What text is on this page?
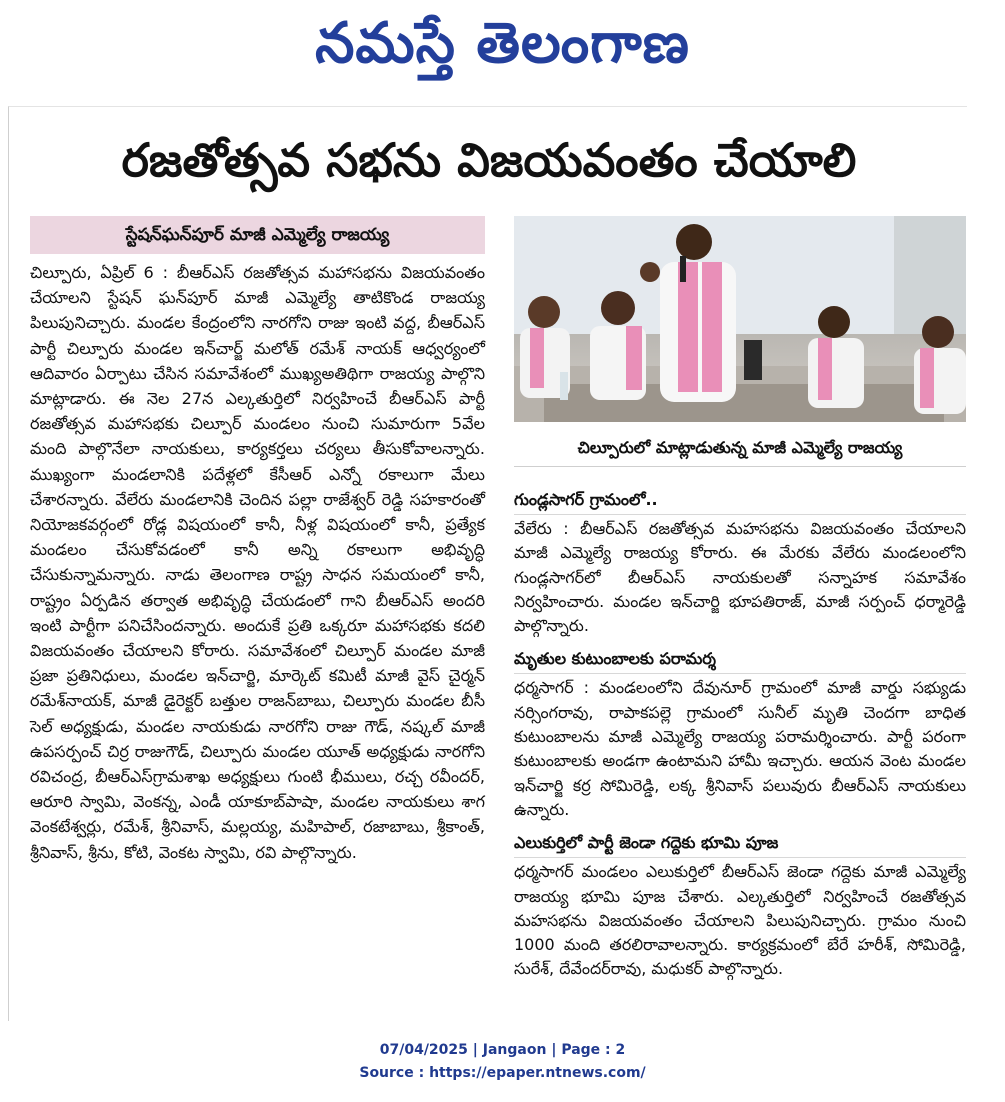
నమస్తే తెలంగాణ
రజతోత్సవ సభను విజయవంతం చేయాలి
స్టేషన్‌ఘన్‌పూర్ మాజీ ఎమ్మెల్యే రాజయ్య

చిల్పూరు, ఏప్రిల్ 6 : బీఆర్ఎస్ రజతోత్సవ మహాసభను విజయవంతం చేయాలని స్టేషన్ ఘన్‌పూర్ మాజీ ఎమ్మెల్యే తాటికొండ రాజయ్య పిలుపునిచ్చారు. మండల కేంద్రంలోని నారగోని రాజు ఇంటి వద్ద, బీఆర్ఎస్ పార్టీ చిల్పూరు మండల ఇన్‌చార్జ్ మలోత్ రమేశ్ నాయక్ ఆధ్వర్యంలో ఆదివారం ఏర్పాటు చేసిన సమావేశంలో ముఖ్యఅతిథిగా రాజయ్య పాల్గొని మాట్లాడారు. ఈ నెల 27న ఎల్కతుర్తిలో నిర్వహించే బీఆర్ఎస్ పార్టీ రజతోత్సవ మహాసభకు చిల్పూర్ మండలం నుంచి సుమారుగా 5వేల మంది పాల్గొనేలా నాయకులు, కార్యకర్తలు చర్యలు తీసుకోవాలన్నారు. ముఖ్యంగా మండలానికి పదేళ్లలో కేసీఆర్ ఎన్నో రకాలుగా మేలు చేశారన్నారు. వేలేరు మండలానికి చెందిన పల్లా రాజేశ్వర్ రెడ్డి సహకారంతో నియోజకవర్గంలో రోడ్ల విషయంలో కానీ, నీళ్ల విషయంలో కానీ, ప్రత్యేక మండలం చేసుకోవడంలో కానీ అన్ని రకాలుగా అభివృద్ధి చేసుకున్నామన్నారు. నాడు తెలంగాణ రాష్ట్ర సాధన సమయంలో కానీ, రాష్ట్రం ఏర్పడిన తర్వాత అభివృద్ధి చేయడంలో గాని బీఆర్ఎస్ అందరి ఇంటి పార్టీగా పనిచేసిందన్నారు. అందుకే ప్రతి ఒక్కరూ మహాసభకు కదలి విజయవంతం చేయాలని కోరారు. సమావేశంలో చిల్పూర్ మండల మాజీ ప్రజా ప్రతినిధులు, మండల ఇన్‌చార్జి, మార్కెట్ కమిటీ మాజీ వైస్ చైర్మన్ రమేశ్‌నాయక్, మాజీ డైరెక్టర్ బత్తుల రాజన్‌బాబు, చిల్పూరు మండల బీసీ సెల్ అధ్యక్షుడు, మండల నాయకుడు నారగోని రాజు గౌడ్, నష్కల్ మాజీ ఉపసర్పంచ్ చిర్ర రాజుగౌడ్, చిల్పూరు మండల యూత్ అధ్యక్షుడు నారగోని రవిచంద్ర, బీఆర్ఎస్‌గ్రామశాఖ అధ్యక్షులు గుంటి భీములు, రచ్చ రవీందర్, ఆరూరి స్వామి, వెంకన్న, ఎండీ యాకూబ్‌పాషా, మండల నాయకులు శాగ వెంకటేశ్వర్లు, రమేశ్, శ్రీనివాస్, మల్లయ్య, మహిపాల్, రజాబాబు, శ్రీకాంత్, శ్రీనివాస్, శ్రీను, కోటి, వెంకట స్వామి, రవి పాల్గొన్నారు.

చిల్పూరులో మాట్లాడుతున్న మాజీ ఎమ్మెల్యే రాజయ్య
గుండ్లసాగర్ గ్రామంలో..

వేలేరు : బీఆర్ఎస్ రజతోత్సవ మహసభను విజయవంతం చేయాలని మాజీ ఎమ్మెల్యే రాజయ్య కోరారు. ఈ మేరకు వేలేరు మండలంలోని గుండ్లసాగర్‌లో బీఆర్ఎస్ నాయకులతో సన్నాహక సమావేశం నిర్వహించారు. మండల ఇన్‌చార్జి భూపతిరాజ్, మాజీ సర్పంచ్ ధర్మారెడ్డి పాల్గొన్నారు.

మృతుల కుటుంబాలకు పరామర్శ

ధర్మసాగర్ : మండలంలోని దేవునూర్ గ్రామంలో మాజీ వార్డు సభ్యుడు నర్సింగరావు, రాపాకపల్లె గ్రామంలో సునీల్ మృతి చెందగా బాధిత కుటుంబాలను మాజీ ఎమ్మెల్యే రాజయ్య పరామర్శించారు. పార్టీ పరంగా కుటుంబాలకు అండగా ఉంటామని హామీ ఇచ్చారు. ఆయన వెంట మండల ఇన్‌చార్జి కర్ర సోమిరెడ్డి, లక్క శ్రీనివాస్ పలువురు బీఆర్ఎస్ నాయకులు ఉన్నారు.

ఎలుకుర్తిలో పార్టీ జెండా గద్దెకు భూమి పూజ

ధర్మసాగర్ మండలం ఎలుకుర్తిలో బీఆర్ఎస్ జెండా గద్దెకు మాజీ ఎమ్మెల్యే రాజయ్య భూమి పూజ చేశారు. ఎల్కతుర్తిలో నిర్వహించే రజతోత్సవ మహసభను విజయవంతం చేయాలని పిలుపునిచ్చారు. గ్రామం నుంచి 1000 మంది తరలిరావాలన్నారు. కార్యక్రమంలో బేరే హరీశ్, సోమిరెడ్డి, సురేశ్, దేవేందర్‌రావు, మధుకర్ పాల్గొన్నారు.

07/04/2025 | Jangaon | Page : 2
Source : https://epaper.ntnews.com/
